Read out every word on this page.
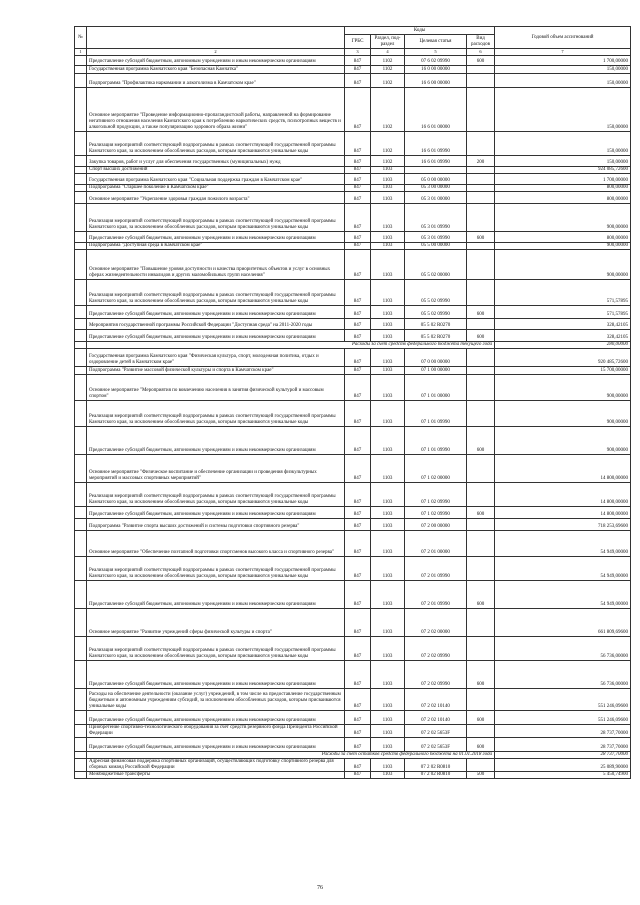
№		Коды				Годовой объем ассигнований
		ГРБС	Раздел, под-раздел	Целевая статья	Вид расходов	
1	2	3	4	5	6	7
	Предоставление субсидий бюджетным, автономным учреждениям и иным некоммерческим организациям	847	1102	07 6 02 09990	600	1 700,00000
	Государственная программа Камчатского края "Безопасная Камчатка"	847	1102	16 0 00 00000		150,00000
	Подпрограмма "Профилактика наркомании и алкоголизма в Камчатском крае"	847	1102	16 6 00 00000		150,00000
	Основное мероприятие "Проведение информационно-пропагандистской работы, направленной на формирование негативного отношения населения Камчатского края к потреблению наркотических средств, психотропных веществ и алкогольной продукции, а также популяризацию здорового образа жизни"	847	1102	16 6 01 00000		150,00000
	Реализация мероприятий соответствующей подпрограммы в рамках соответствующей государственной программы Камчатского края, за исключением обособленных расходов, которым присваиваются уникальные коды	847	1102	16 6 01 09990		150,00000
	Закупка товаров, работ и услуг для обеспечения государственных (муниципальных) нужд	847	1102	16 6 01 09990	200	150,00000
	Спорт высших достижений	847	1103			924 085,72600
	Государственная программа Камчатского края "Социальная поддержка граждан в Камчатском крае"	847	1103	05 0 00 00000		1 700,00000
	Подпрограмма "Старшее поколение в Камчатском крае"	847	1103	05 3 00 00000		800,00000
	Основное мероприятие "Укрепление здоровья граждан пожилого возраста"	847	1103	05 3 01 00000		800,00000
	Реализация мероприятий соответствующей подпрограммы в рамках соответствующей государственной программы Камчатского края, за исключением обособленных расходов, которым присваиваются уникальные коды	847	1103	05 3 01 09990		900,00000
	Предоставление субсидий бюджетным, автономным учреждениям и иным некоммерческим организациям	847	1103	05 3 01 09990	600	800,00000
	Подпрограмма "Доступная среда в Камчатском крае"	847	1103	05 5 00 00000		900,00000
	Основное мероприятие "Повышение уровня доступности и качества приоритетных объектов и услуг в основных сферах жизнедеятельности инвалидов и других маломобильных групп населения"	847	1103	05 5 02 00000		900,00000
	Реализация мероприятий соответствующей подпрограммы в рамках соответствующей государственной программы Камчатского края, за исключением обособленных расходов, которым присваиваются уникальные коды	847	1103	05 5 02 09990		571,57895
	Предоставление субсидий бюджетным, автономным учреждениям и иным некоммерческим организациям	847	1103	05 5 02 09990	600	571,57895
	Мероприятия государственной программы Российской Федерации "Доступная среда" на 2011-2020 годы	847	1103	05 5 02 R0270		328,42105
	Предоставление субсидий бюджетным, автономным учреждениям и иным некоммерческим организациям	847	1103	05 5 02 R0270	600	328,42105
	Расходы за счет средств федерального бюджета текущего года					280,00000
	Государственная программа Камчатского края "Физическая культура, спорт, молодежная политика, отдых и оздоровление детей в Камчатском крае"	847	1103	07 0 00 00000		920 485,72600
	Подпрограмма "Развитие массовой физической культуры и спорта в Камчатском крае"	847	1103	07 1 00 00000		15 700,00000
	Основное мероприятие "Мероприятия по вовлечению населения в занятия физической культурой и массовым спортом"	847	1103	07 1 01 00000		900,00000
	Реализация мероприятий соответствующей подпрограммы в рамках соответствующей государственной программы Камчатского края, за исключением обособленных расходов, которым присваиваются уникальные коды	847	1103	07 1 01 09990		900,00000
	Предоставление субсидий бюджетным, автономным учреждениям и иным некоммерческим организациям	847	1103	07 1 01 09990	600	900,00000
	Основное мероприятие "Физическое воспитание и обеспечение организации и проведения физкультурных мероприятий и массовых спортивных мероприятий"	847	1103	07 1 02 00000		14 800,00000
	Реализация мероприятий соответствующей подпрограммы в рамках соответствующей государственной программы Камчатского края, за исключением обособленных расходов, которым присваиваются уникальные коды	847	1103	07 1 02 09990		14 800,00000
	Предоставление субсидий бюджетным, автономным учреждениям и иным некоммерческим организациям	847	1103	07 1 02 09990	600	14 800,00000
	Подпрограмма "Развитие спорта высших достижений и системы подготовки спортивного резерва"	847	1103	07 2 00 00000		718 253,69600
	Основное мероприятие "Обеспечение поэтапной подготовки спортсменов высокого класса и спортивного резерва"	847	1103	07 2 01 00000		54 949,00000
	Реализация мероприятий соответствующей подпрограммы в рамках соответствующей государственной программы Камчатского края, за исключением обособленных расходов, которым присваиваются уникальные коды	847	1103	07 2 01 09990		54 949,00000
	Предоставление субсидий бюджетным, автономным учреждениям и иным некоммерческим организациям	847	1103	07 2 01 09990	600	54 949,00000
	Основное мероприятие "Развитие учреждений сферы физической культуры и спорта"	847	1103	07 2 02 00000		661 809,69600
	Реализация мероприятий соответствующей подпрограммы в рамках соответствующей государственной программы Камчатского края, за исключением обособленных расходов, которым присваиваются уникальные коды	847	1103	07 2 02 09990		56 736,00000
	Предоставление субсидий бюджетным, автономным учреждениям и иным некоммерческим организациям	847	1103	07 2 02 09990	600	56 736,00000
	Расходы на обеспечение деятельности (оказание услуг) учреждений, в том числе на предоставление государственным бюджетным и автономным учреждениям субсидий, за исключением обособленных расходов, которым присваиваются уникальные коды	847	1103	07 2 02 10140		551 246,09600
	Предоставление субсидий бюджетным, автономным учреждениям и иным некоммерческим организациям	847	1103	07 2 02 10140	600	551 246,09600
	Приобретение спортивно-технологического оборудования за счет средств резервного фонда Президента Российской Федерации	847	1103	07 2 02 5653F		28 737,70000
	Предоставление субсидий бюджетным, автономным учреждениям и иным некоммерческим организациям	847	1103	07 2 02 5653F	600	28 737,70000
	Расходы за счет остатков средств федерального бюджета на 01.01.2018 года					28 737,70000
	Адресная финансовая поддержка спортивных организаций, осуществляющих подготовку спортивного резерва для сборных команд Российской Федерации	847	1103	07 2 02 R0810		25 089,90000
	Межбюджетные трансферты	847	1103	07 2 02 R0810	500	5 450,74900
76
